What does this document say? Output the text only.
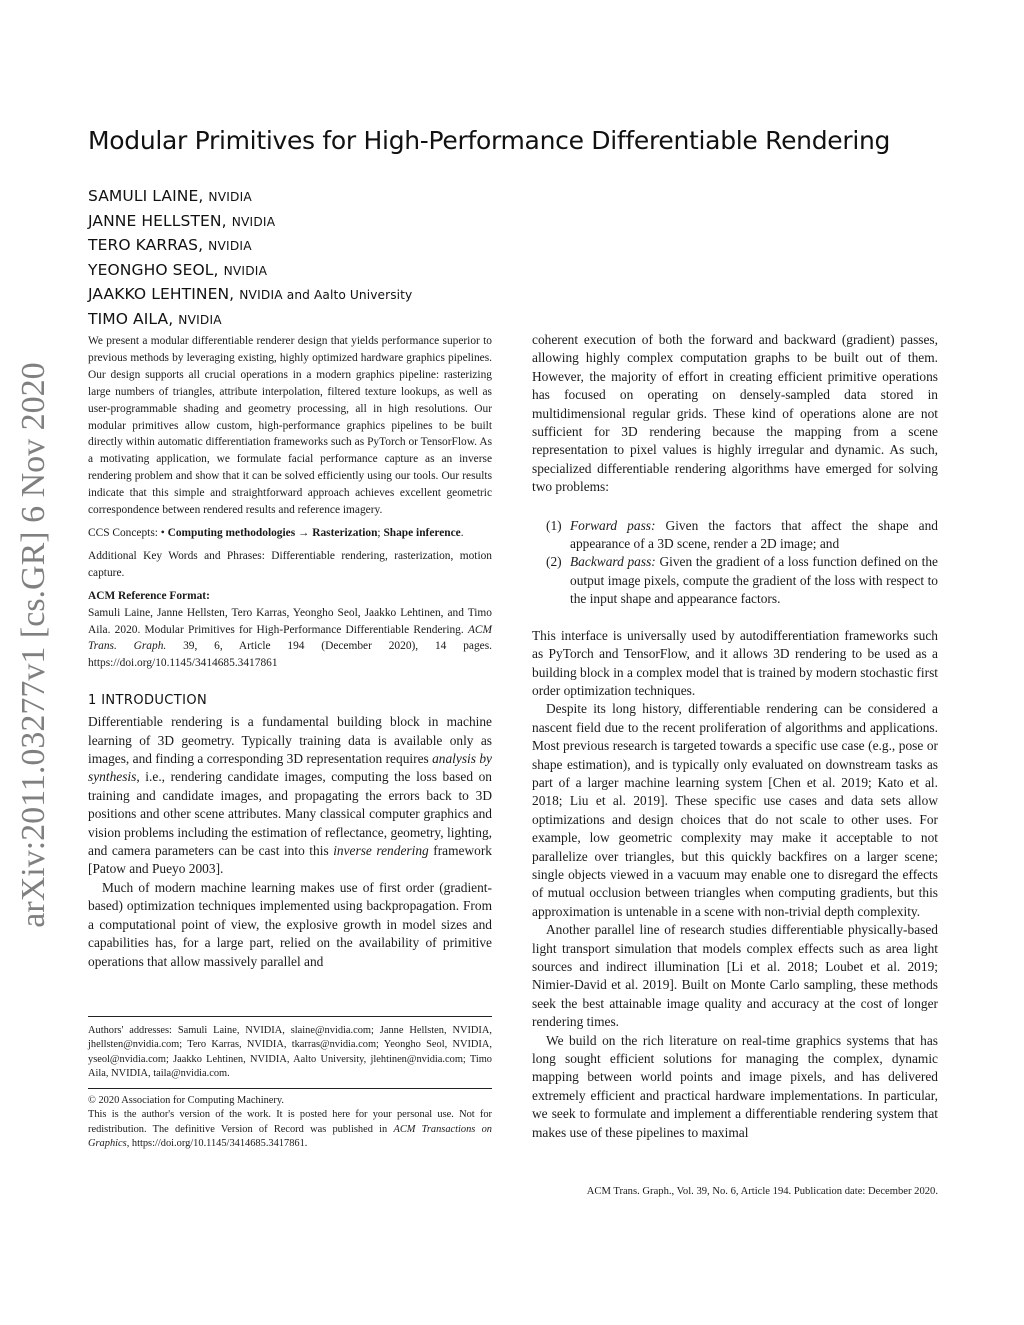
arXiv:2011.03277v1 [cs.GR] 6 Nov 2020
Modular Primitives for High-Performance Differentiable Rendering
SAMULI LAINE, NVIDIA
JANNE HELLSTEN, NVIDIA
TERO KARRAS, NVIDIA
YEONGHO SEOL, NVIDIA
JAAKKO LEHTINEN, NVIDIA and Aalto University
TIMO AILA, NVIDIA

We present a modular differentiable renderer design that yields performance superior to previous methods by leveraging existing, highly optimized hardware graphics pipelines. Our design supports all crucial operations in a modern graphics pipeline: rasterizing large numbers of triangles, attribute interpolation, filtered texture lookups, as well as user-programmable shading and geometry processing, all in high resolutions. Our modular primitives allow custom, high-performance graphics pipelines to be built directly within automatic differentiation frameworks such as PyTorch or TensorFlow. As a motivating application, we formulate facial performance capture as an inverse rendering problem and show that it can be solved efficiently using our tools. Our results indicate that this simple and straightforward approach achieves excellent geometric correspondence between rendered results and reference imagery.

CCS Concepts: • Computing methodologies → Rasterization; Shape inference.

Additional Key Words and Phrases: Differentiable rendering, rasterization, motion capture.

ACM Reference Format:

Samuli Laine, Janne Hellsten, Tero Karras, Yeongho Seol, Jaakko Lehtinen, and Timo Aila. 2020. Modular Primitives for High-Performance Differentiable Rendering. ACM Trans. Graph. 39, 6, Article 194 (December 2020), 14 pages. https://doi.org/10.1145/3414685.3417861

1 INTRODUCTION

Differentiable rendering is a fundamental building block in machine learning of 3D geometry. Typically training data is available only as images, and finding a corresponding 3D representation requires analysis by synthesis, i.e., rendering candidate images, computing the loss based on training and candidate images, and propagating the errors back to 3D positions and other scene attributes. Many classical computer graphics and vision problems including the estimation of reflectance, geometry, lighting, and camera parameters can be cast into this inverse rendering framework [Patow and Pueyo 2003].

Much of modern machine learning makes use of first order (gradient-based) optimization techniques implemented using backpropagation. From a computational point of view, the explosive growth in model sizes and capabilities has, for a large part, relied on the availability of primitive operations that allow massively parallel and

Authors' addresses: Samuli Laine, NVIDIA, slaine@nvidia.com; Janne Hellsten, NVIDIA, jhellsten@nvidia.com; Tero Karras, NVIDIA, tkarras@nvidia.com; Yeongho Seol, NVIDIA, yseol@nvidia.com; Jaakko Lehtinen, NVIDIA, Aalto University, jlehtinen@nvidia.com; Timo Aila, NVIDIA, taila@nvidia.com.

© 2020 Association for Computing Machinery.

This is the author's version of the work. It is posted here for your personal use. Not for redistribution. The definitive Version of Record was published in ACM Transactions on Graphics, https://doi.org/10.1145/3414685.3417861.

coherent execution of both the forward and backward (gradient) passes, allowing highly complex computation graphs to be built out of them. However, the majority of effort in creating efficient primitive operations has focused on operating on densely-sampled data stored in multidimensional regular grids. These kind of operations alone are not sufficient for 3D rendering because the mapping from a scene representation to pixel values is highly irregular and dynamic. As such, specialized differentiable rendering algorithms have emerged for solving two problems:

(1) Forward pass: Given the factors that affect the shape and appearance of a 3D scene, render a 2D image; and
(2) Backward pass: Given the gradient of a loss function defined on the output image pixels, compute the gradient of the loss with respect to the input shape and appearance factors.

This interface is universally used by autodifferentiation frameworks such as PyTorch and TensorFlow, and it allows 3D rendering to be used as a building block in a complex model that is trained by modern stochastic first order optimization techniques.

Despite its long history, differentiable rendering can be considered a nascent field due to the recent proliferation of algorithms and applications. Most previous research is targeted towards a specific use case (e.g., pose or shape estimation), and is typically only evaluated on downstream tasks as part of a larger machine learning system [Chen et al. 2019; Kato et al. 2018; Liu et al. 2019]. These specific use cases and data sets allow optimizations and design choices that do not scale to other uses. For example, low geometric complexity may make it acceptable to not parallelize over triangles, but this quickly backfires on a larger scene; single objects viewed in a vacuum may enable one to disregard the effects of mutual occlusion between triangles when computing gradients, but this approximation is untenable in a scene with non-trivial depth complexity.

Another parallel line of research studies differentiable physically-based light transport simulation that models complex effects such as area light sources and indirect illumination [Li et al. 2018; Loubet et al. 2019; Nimier-David et al. 2019]. Built on Monte Carlo sampling, these methods seek the best attainable image quality and accuracy at the cost of longer rendering times.

We build on the rich literature on real-time graphics systems that has long sought efficient solutions for managing the complex, dynamic mapping between world points and image pixels, and has delivered extremely efficient and practical hardware implementations. In particular, we seek to formulate and implement a differentiable rendering system that makes use of these pipelines to maximal

ACM Trans. Graph., Vol. 39, No. 6, Article 194. Publication date: December 2020.
